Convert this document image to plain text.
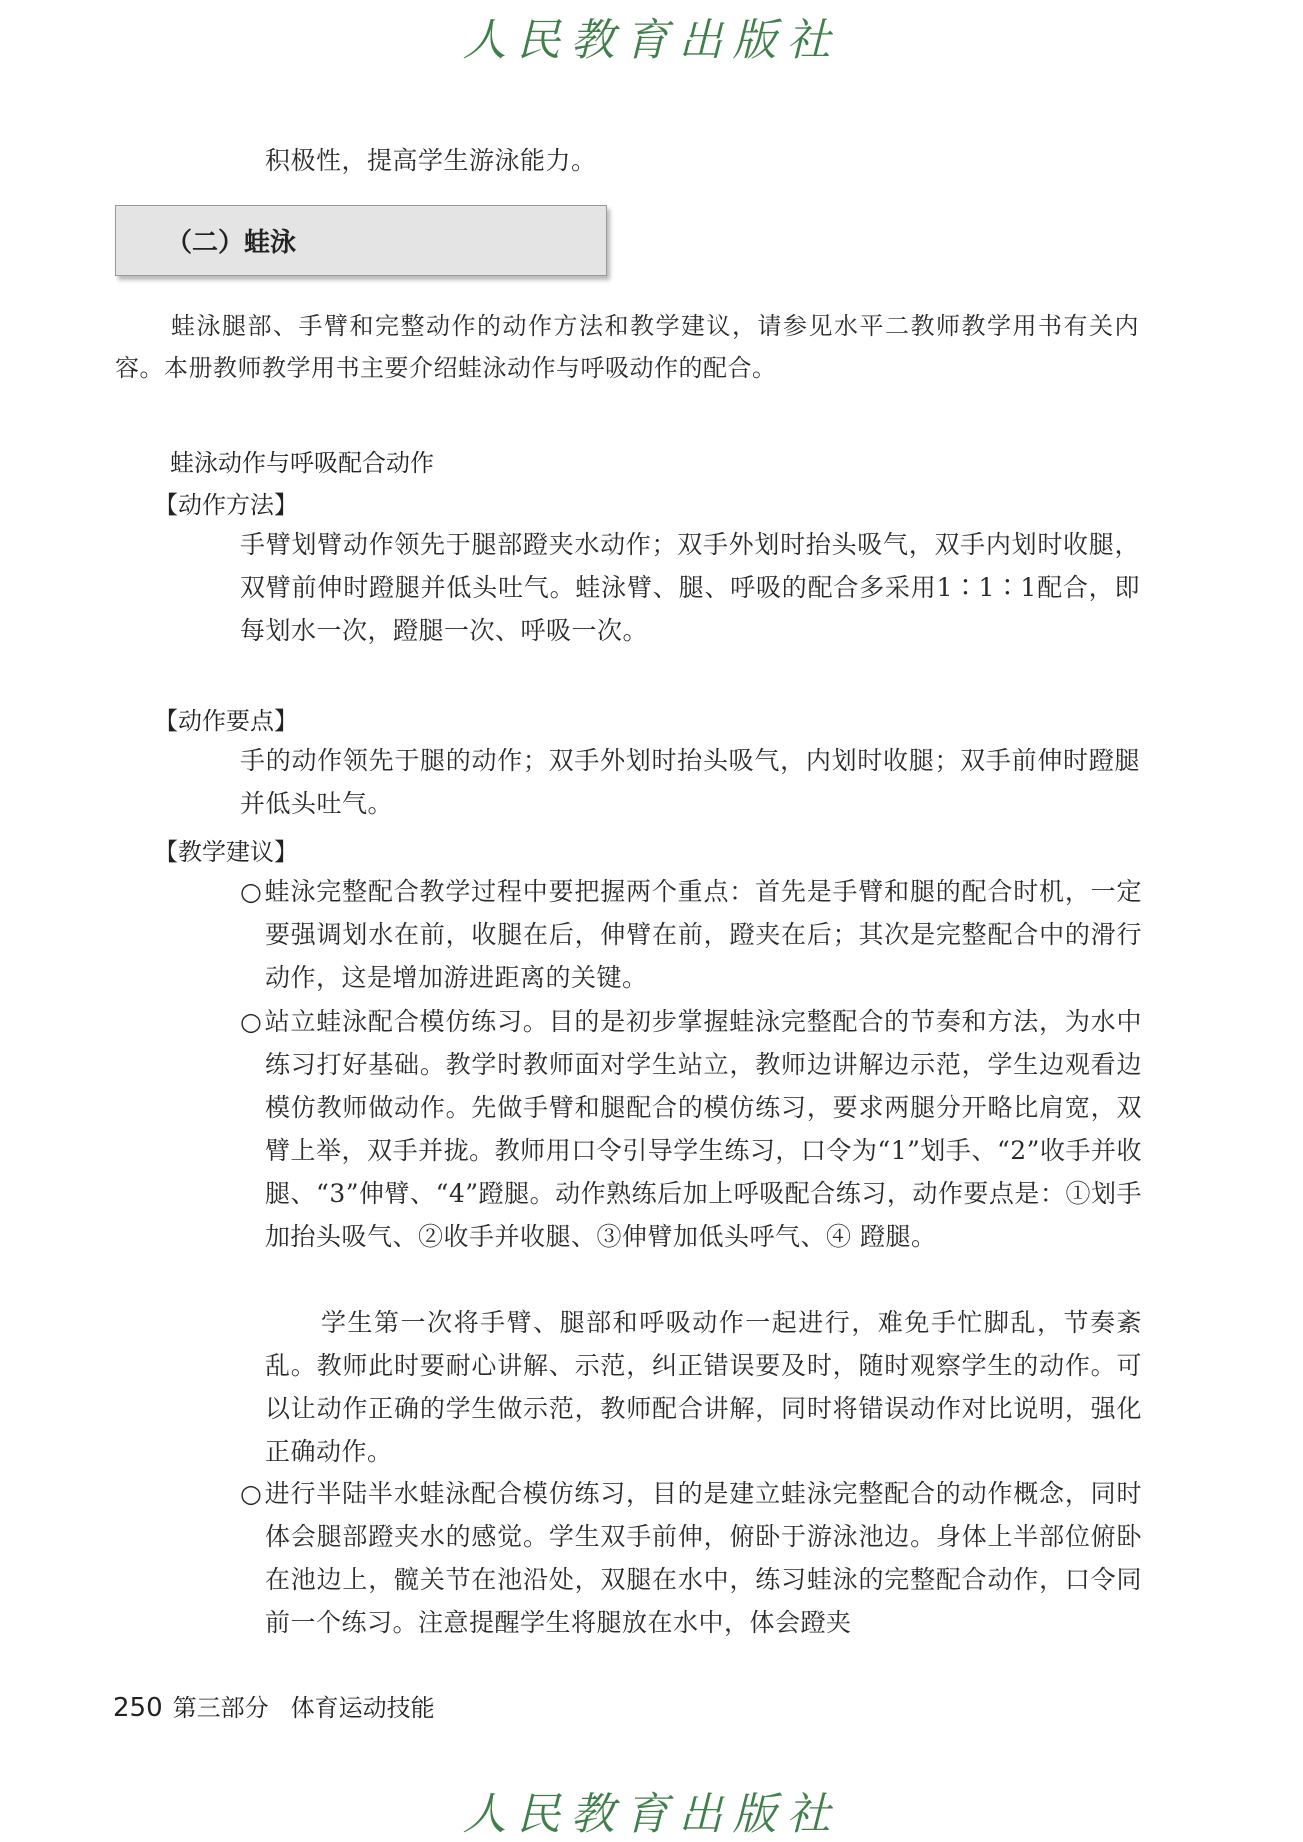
人民教育出版社
积极性，提高学生游泳能力。
（二）蛙泳
蛙泳腿部、手臂和完整动作的动作方法和教学建议，请参见水平二教师教学用书有关内容。本册教师教学用书主要介绍蛙泳动作与呼吸动作的配合。
蛙泳动作与呼吸配合动作
【动作方法】
手臂划臂动作领先于腿部蹬夹水动作；双手外划时抬头吸气，双手内划时收腿，双臂前伸时蹬腿并低头吐气。蛙泳臂、腿、呼吸的配合多采用1∶1∶1配合，即每划水一次，蹬腿一次、呼吸一次。
【动作要点】
手的动作领先于腿的动作；双手外划时抬头吸气，内划时收腿；双手前伸时蹬腿并低头吐气。
【教学建议】
○蛙泳完整配合教学过程中要把握两个重点：首先是手臂和腿的配合时机，一定要强调划水在前，收腿在后，伸臂在前，蹬夹在后；其次是完整配合中的滑行动作，这是增加游进距离的关键。
○站立蛙泳配合模仿练习。目的是初步掌握蛙泳完整配合的节奏和方法，为水中练习打好基础。教学时教师面对学生站立，教师边讲解边示范，学生边观看边模仿教师做动作。先做手臂和腿配合的模仿练习，要求两腿分开略比肩宽，双臂上举，双手并拢。教师用口令引导学生练习，口令为“1”划手、“2”收手并收腿、“3”伸臂、“4”蹬腿。动作熟练后加上呼吸配合练习，动作要点是：①划手加抬头吸气、②收手并收腿、③伸臂加低头呼气、④ 蹬腿。
学生第一次将手臂、腿部和呼吸动作一起进行，难免手忙脚乱，节奏紊乱。教师此时要耐心讲解、示范，纠正错误要及时，随时观察学生的动作。可以让动作正确的学生做示范，教师配合讲解，同时将错误动作对比说明，强化正确动作。
○进行半陆半水蛙泳配合模仿练习，目的是建立蛙泳完整配合的动作概念，同时体会腿部蹬夹水的感觉。学生双手前伸，俯卧于游泳池边。身体上半部位俯卧在池边上，髋关节在池沿处，双腿在水中，练习蛙泳的完整配合动作，口令同前一个练习。注意提醒学生将腿放在水中，体会蹬夹
250 第三部分 体育运动技能
人民教育出版社
